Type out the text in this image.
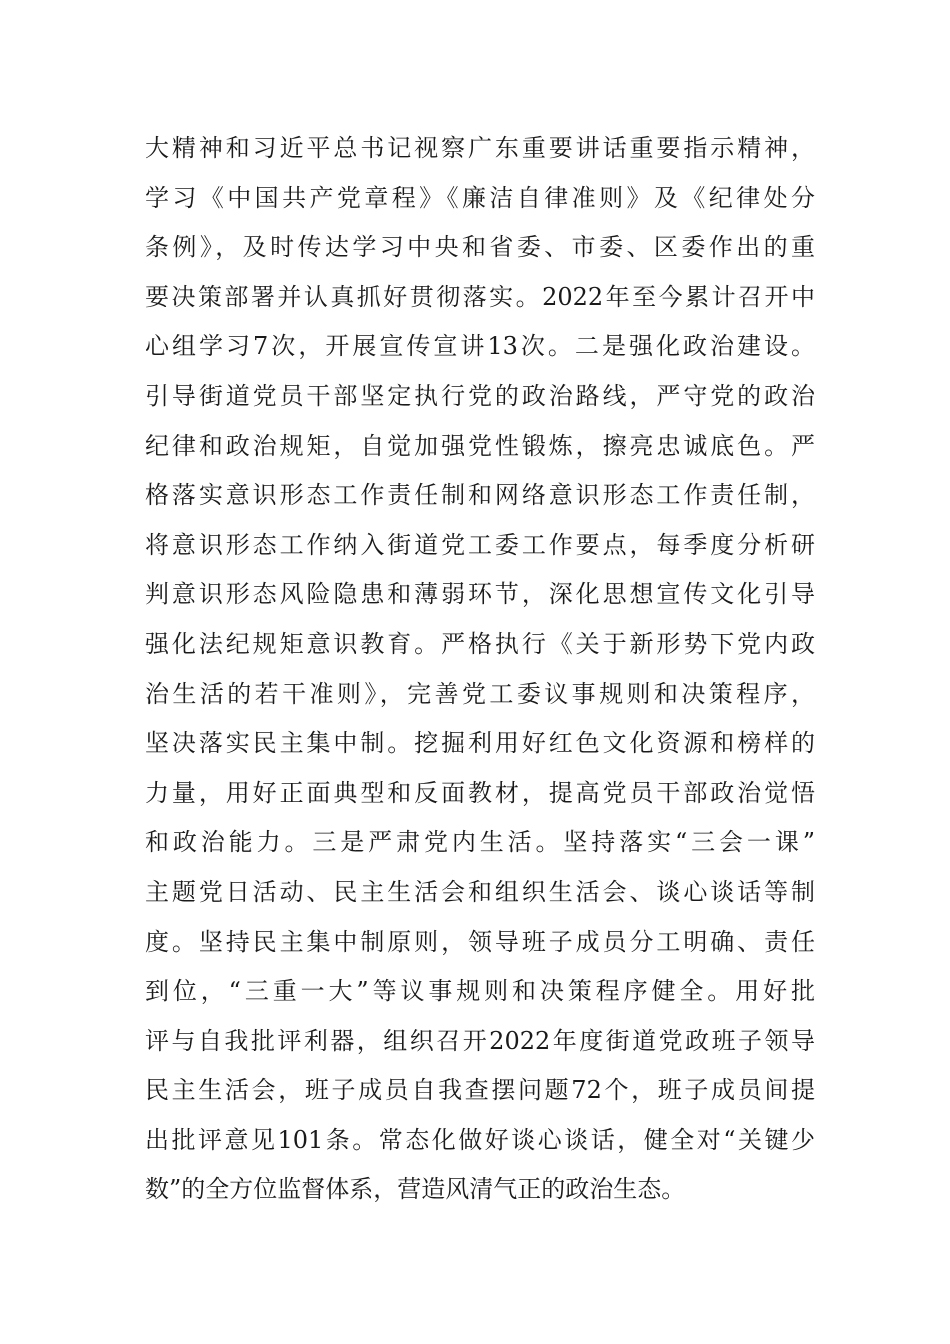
大精神和习近平总书记视察广东重要讲话重要指示精神，
学习《中国共产党章程》《廉洁自律准则》及《纪律处分
条例》，及时传达学习中央和省委、市委、区委作出的重
要决策部署并认真抓好贯彻落实。2022年至今累计召开中
心组学习7次，开展宣传宣讲13次。二是强化政治建设。
引导街道党员干部坚定执行党的政治路线，严守党的政治
纪律和政治规矩，自觉加强党性锻炼，擦亮忠诚底色。严
格落实意识形态工作责任制和网络意识形态工作责任制，
将意识形态工作纳入街道党工委工作要点，每季度分析研
判意识形态风险隐患和薄弱环节，深化思想宣传文化引导
强化法纪规矩意识教育。严格执行《关于新形势下党内政
治生活的若干准则》，完善党工委议事规则和决策程序，
坚决落实民主集中制。挖掘利用好红色文化资源和榜样的
力量，用好正面典型和反面教材，提高党员干部政治觉悟
和政治能力。三是严肃党内生活。坚持落实“三会一课”
主题党日活动、民主生活会和组织生活会、谈心谈话等制
度。坚持民主集中制原则，领导班子成员分工明确、责任
到位，“三重一大”等议事规则和决策程序健全。用好批
评与自我批评利器，组织召开2022年度街道党政班子领导
民主生活会，班子成员自我查摆问题72个，班子成员间提
出批评意见101条。常态化做好谈心谈话，健全对“关键少
数”的全方位监督体系，营造风清气正的政治生态。
